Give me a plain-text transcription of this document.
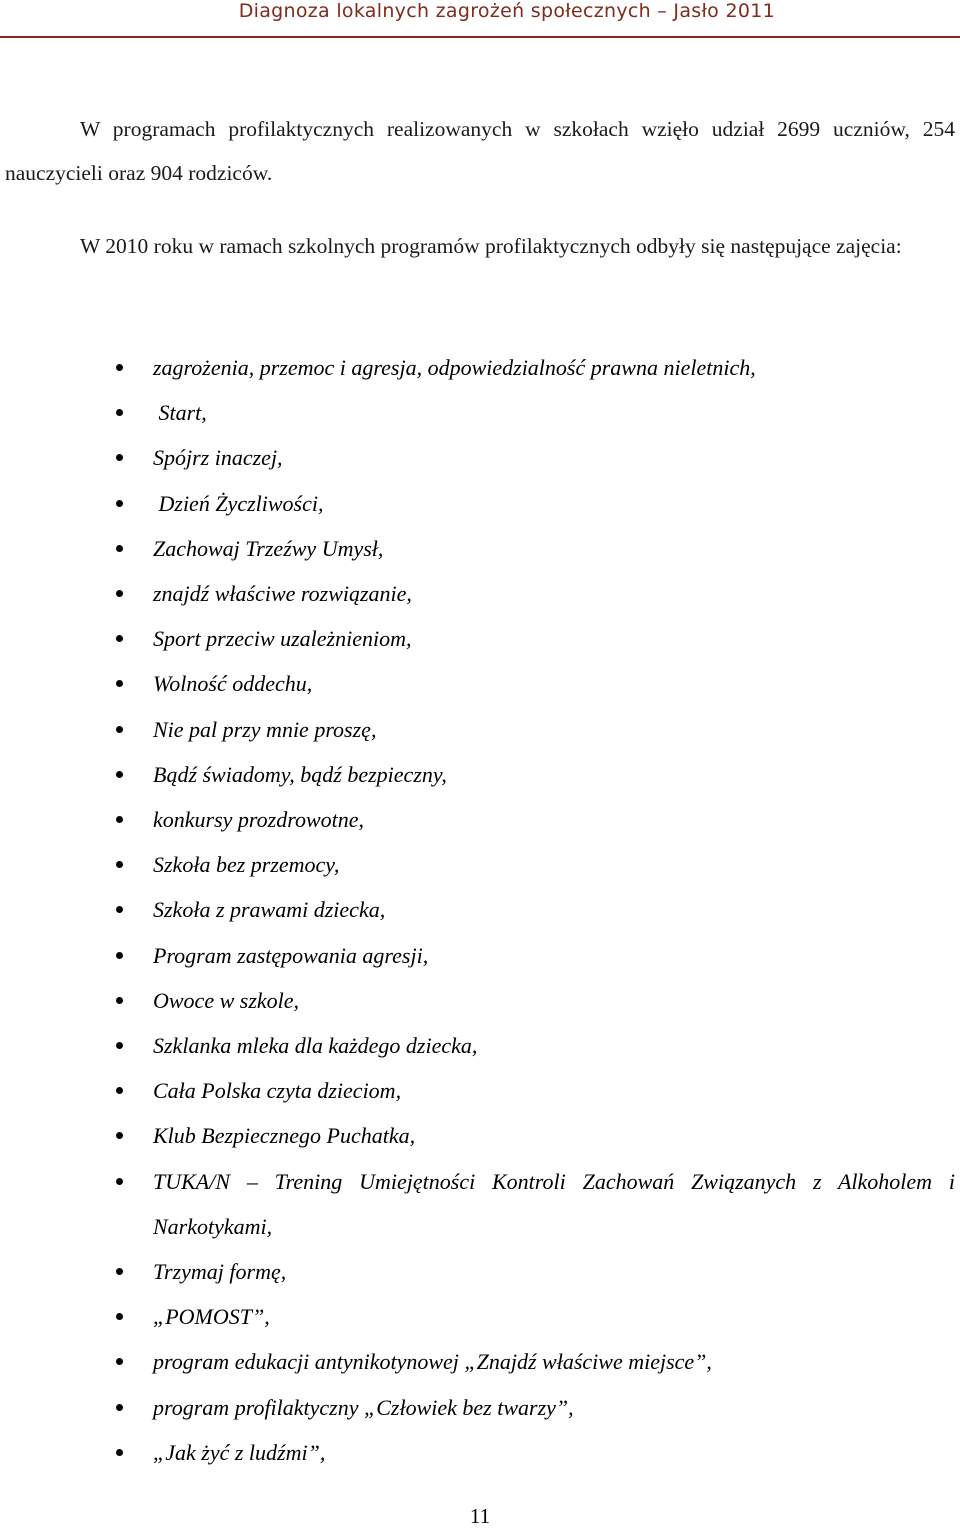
Diagnoza lokalnych zagrożeń społecznych – Jasło 2011

W programach profilaktycznych realizowanych w szkołach wzięło udział 2699 uczniów, 254 nauczycieli oraz 904 rodziców.

W 2010 roku w ramach szkolnych programów profilaktycznych odbyły się następujące zajęcia:

zagrożenia, przemoc i agresja, odpowiedzialność prawna nieletnich,
Start,
Spójrz inaczej,
Dzień Życzliwości,
Zachowaj Trzeźwy Umysł,
znajdź właściwe rozwiązanie,
Sport przeciw uzależnieniom,
Wolność oddechu,
Nie pal przy mnie proszę,
Bądź świadomy, bądź bezpieczny,
konkursy prozdrowotne,
Szkoła bez przemocy,
Szkoła z prawami dziecka,
Program zastępowania agresji,
Owoce w szkole,
Szklanka mleka dla każdego dziecka,
Cała Polska czyta dzieciom,
Klub Bezpiecznego Puchatka,
TUKA/N – Trening Umiejętności Kontroli Zachowań Związanych z Alkoholem i Narkotykami,
Trzymaj formę,
„POMOST”,
program edukacji antynikotynowej „Znajdź właściwe miejsce”,
program profilaktyczny „Człowiek bez twarzy”,
„Jak żyć z ludźmi”,
11
